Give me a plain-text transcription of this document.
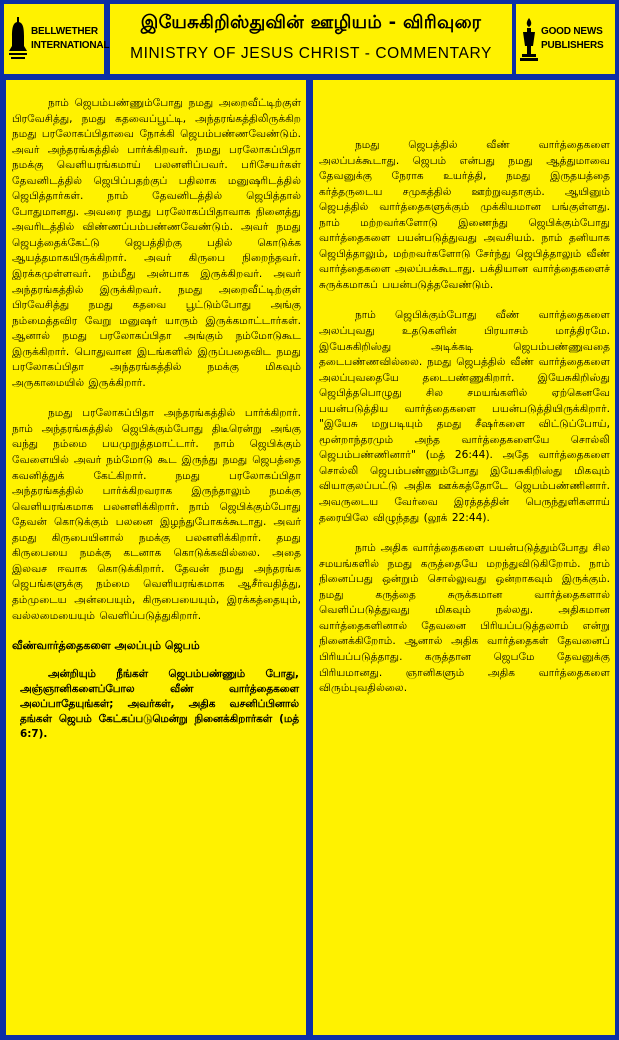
BELLWETHER
INTERNATIONAL
இயேசுகிறிஸ்துவின் ஊழியம் - விரிவுரை
MINISTRY OF JESUS CHRIST - COMMENTARY
GOOD NEWS
PUBLISHERS

நாம் ஜெபம்பண்ணும்போது நமது அறைவீட்டிற்குள் பிரவேசித்து, நமது கதவைப்பூட்டி, அந்தரங்கத்திலிருக்கிற நமது பரலோகப்பிதாவை நோக்கி ஜெபம்பண்ணவேண்டும். அவர் அந்தரங்கத்தில் பார்க்கிறவர். நமது பரலோகப்பிதா நமக்கு வெளியரங்கமாய் பலனளிப்பவர். பரிசேயர்கள் தேவனிடத்தில் ஜெபிப்பதற்குப் பதிலாக மனுஷரிடத்தில் ஜெபித்தார்கள். நாம் தேவனிடத்தில் ஜெபித்தால் போதுமானது. அவரை நமது பரலோகப்பிதாவாக நினைத்து அவரிடத்தில் விண்ணப்பம்பண்ணவேண்டும். அவர் நமது ஜெபத்தைக்கேட்டு ஜெபத்திற்கு பதில் கொடுக்க ஆயத்தமாகயிருக்கிறார். அவர் கிருபை நிறைந்தவர். இரக்கமுள்ளவர். நம்மீது அன்பாக இருக்கிறவர். அவர் அந்தரங்கத்தில் இருக்கிறவர். நமது அறைவீட்டிற்குள் பிரவேசித்து நமது கதவை பூட்டும்போது அங்கு நம்மைத்தவிர வேறு மனுஷர் யாரும் இருக்கமாட்டார்கள். ஆனால் நமது பரலோகப்பிதா அங்கும் நம்மோடுகூட இருக்கிறார். பொதுவான இடங்களில் இருப்பதைவிட நமது பரலோகப்பிதா அந்தரங்கத்தில் நமக்கு மிகவும் அருகாமையில் இருக்கிறார்.

நமது பரலோகப்பிதா அந்தரங்கத்தில் பார்க்கிறார். நாம் அந்தரங்கத்தில் ஜெபிக்கும்போது திடீரென்று அங்கு வந்து நம்மை பயமுறுத்தமாட்டார். நாம் ஜெபிக்கும் வேளையில் அவர் நம்மோடு கூட இருந்து நமது ஜெபத்தை கவனித்துக் கேட்கிறார். நமது பரலோகப்பிதா அந்தரங்கத்தில் பார்க்கிறவராக இருந்தாலும் நமக்கு வெளியரங்கமாக பலனளிக்கிறார். நாம் ஜெபிக்கும்போது தேவன் கொடுக்கும் பலனை இழந்துபோகக்கூடாது. அவர் தமது கிருபையினால் நமக்கு பலனளிக்கிறார். தமது கிருபையை நமக்கு கடனாக கொடுக்கவில்லை. அதை இலவச ஈவாக கொடுக்கிறார். தேவன் நமது அந்தரங்க ஜெபங்களுக்கு நம்மை வெளியரங்கமாக ஆசீர்வதித்து, தம்முடைய அன்பையும், கிருபையையும், இரக்கத்தையும், வல்லமையையும் வெளிப்படுத்துகிறார்.

வீண்வார்த்தைகளை அலப்பும் ஜெபம்

அன்றியும் நீங்கள் ஜெபம்பண்ணும் போது, அஞ்ஞானிகளைப்போல வீண் வார்த்தைகளை அலப்பாதேயுங்கள்; அவர்கள், அதிக வசனிப்பினால் தங்கள் ஜெபம் கேட்கப்படுமென்று நினைக்கிறார்கள் (மத் 6:7).

நமது ஜெபத்தில் வீண் வார்த்தைகளை அலப்பக்கூடாது. ஜெபம் என்பது நமது ஆத்துமாவை தேவனுக்கு நேராக உயர்த்தி, நமது இருதயத்தை கர்த்தருடைய சமுகத்தில் ஊற்றுவதாகும். ஆயினும் ஜெபத்தில் வார்த்தைகளுக்கும் முக்கியமான பங்குள்ளது. நாம் மற்றவர்களோடு இணைந்து ஜெபிக்கும்போது வார்த்தைகளை பயன்படுத்துவது அவசியம். நாம் தனியாக ஜெபித்தாலும், மற்றவர்களோடு சேர்ந்து ஜெபித்தாலும் வீண் வார்த்தைகளை அலப்பக்கூடாது. பக்தியான வார்த்தைகளைச் சுருக்கமாகப் பயன்படுத்தவேண்டும்.

நாம் ஜெபிக்கும்போது வீண் வார்த்தைகளை அலப்புவது உதடுகளின் பிரயாசம் மாத்திரமே. இயேசுகிறிஸ்து அடிக்கடி ஜெபம்பண்ணுவதை தடைபண்ணவில்லை. நமது ஜெபத்தில் வீண் வார்த்தைகளை அலப்புவதையே தடைபண்ணுகிறார். இயேசுகிறிஸ்து ஜெபித்தபொழுது சில சமயங்களில் ஏற்கெனவே பயன்படுத்திய வார்த்தைகளை பயன்படுத்தியிருக்கிறார். "இயேசு மறுபடியும் தமது சீஷர்களை விட்டுப்போய், மூன்றாந்தரமும் அந்த வார்த்தைகளையே சொல்லி ஜெபம்பண்ணினார்" (மத் 26:44). அதே வார்த்தைகளை சொல்லி ஜெபம்பண்ணும்போது இயேசுகிறிஸ்து மிகவும் வியாகுலப்பட்டு அதிக ஊக்கத்தோடே ஜெபம்பண்ணினார். அவருடைய வேர்வை இரத்தத்தின் பெருந்துளிகளாய் தரையிலே விழுந்தது (லூக் 22:44).

நாம் அதிக வார்த்தைகளை பயன்படுத்தும்போது சில சமயங்களில் நமது கருத்தையே மறந்துவிடுகிறோம். நாம் நினைப்பது ஒன்றும் சொல்லுவது ஒன்றாகவும் இருக்கும். நமது கருத்தை சுருக்கமான வார்த்தைகளால் வெளிப்படுத்துவது மிகவும் நல்லது. அதிகமான வார்த்தைகளினால் தேவனை பிரியப்படுத்தலாம் என்று நினைக்கிறோம். ஆனால் அதிக வார்த்தைகள் தேவனைப் பிரியப்படுத்தாது. கருத்தான ஜெபமே தேவனுக்கு பிரியமானது. ஞானிகளும் அதிக வார்த்தைகளை விரும்புவதில்லை.
